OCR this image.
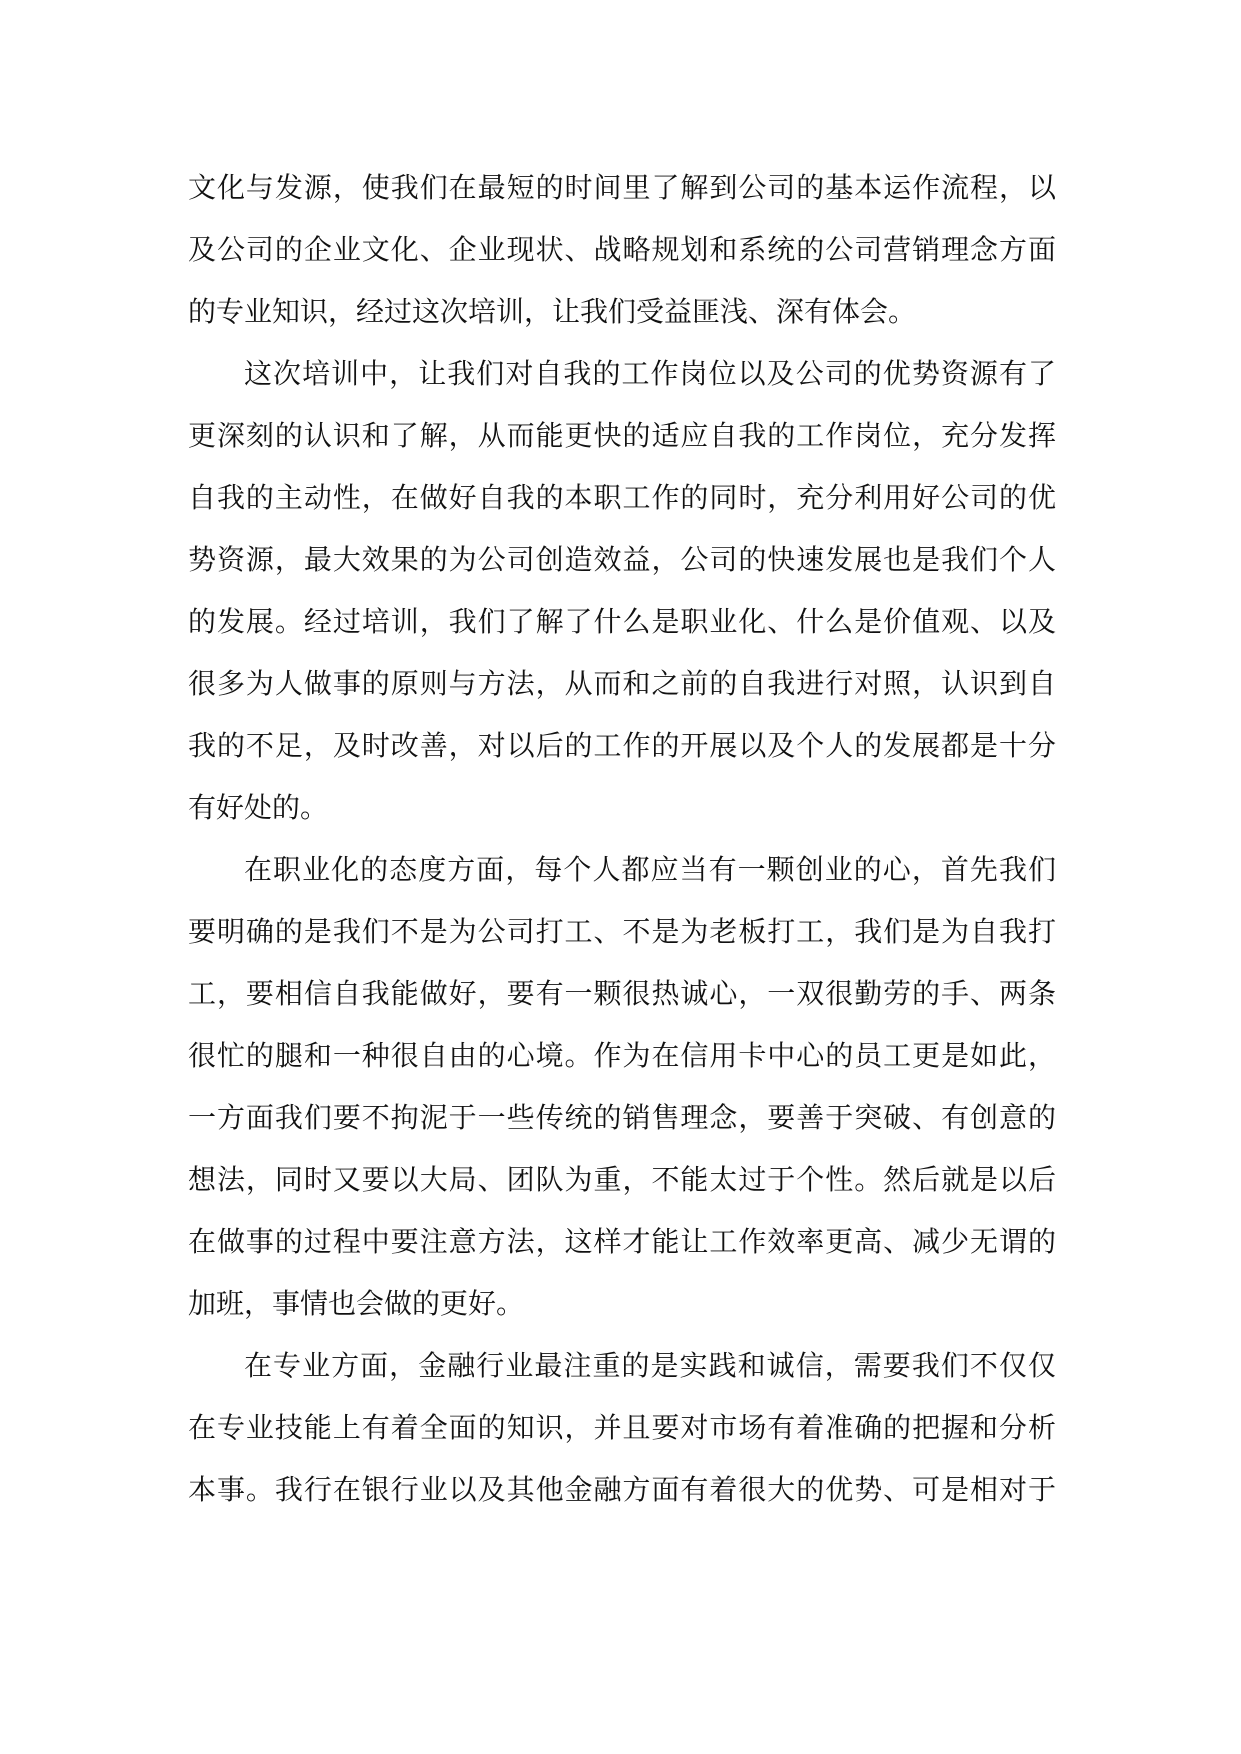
文化与发源，使我们在最短的时间里了解到公司的基本运作流程，以

及公司的企业文化、企业现状、战略规划和系统的公司营销理念方面

的专业知识，经过这次培训，让我们受益匪浅、深有体会。

这次培训中，让我们对自我的工作岗位以及公司的优势资源有了

更深刻的认识和了解，从而能更快的适应自我的工作岗位，充分发挥

自我的主动性，在做好自我的本职工作的同时，充分利用好公司的优

势资源，最大效果的为公司创造效益，公司的快速发展也是我们个人

的发展。经过培训，我们了解了什么是职业化、什么是价值观、以及

很多为人做事的原则与方法，从而和之前的自我进行对照，认识到自

我的不足，及时改善，对以后的工作的开展以及个人的发展都是十分

有好处的。

在职业化的态度方面，每个人都应当有一颗创业的心，首先我们

要明确的是我们不是为公司打工、不是为老板打工，我们是为自我打

工，要相信自我能做好，要有一颗很热诚心，一双很勤劳的手、两条

很忙的腿和一种很自由的心境。作为在信用卡中心的员工更是如此，

一方面我们要不拘泥于一些传统的销售理念，要善于突破、有创意的

想法，同时又要以大局、团队为重，不能太过于个性。然后就是以后

在做事的过程中要注意方法，这样才能让工作效率更高、减少无谓的

加班，事情也会做的更好。

在专业方面，金融行业最注重的是实践和诚信，需要我们不仅仅

在专业技能上有着全面的知识，并且要对市场有着准确的把握和分析

本事。我行在银行业以及其他金融方面有着很大的优势、可是相对于
